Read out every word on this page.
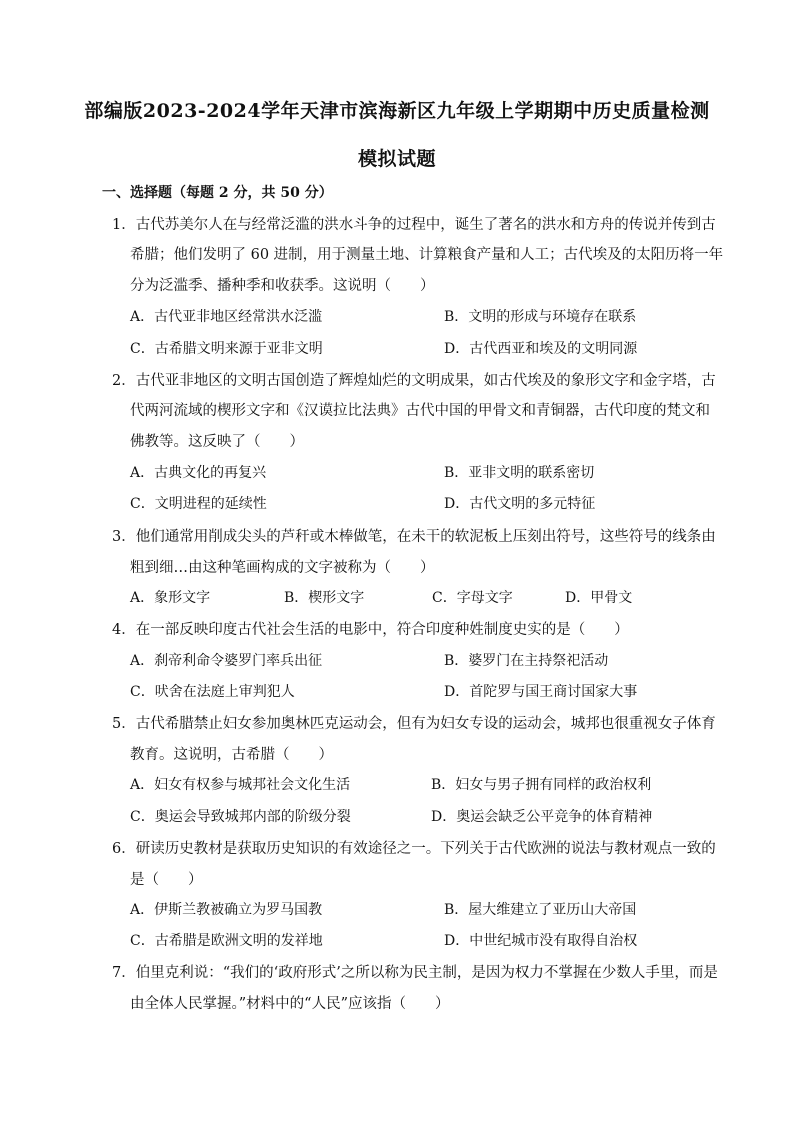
部编版2023-2024学年天津市滨海新区九年级上学期期中历史质量检测
模拟试题
一、选择题（每题 2 分，共 50 分）
1．古代苏美尔人在与经常泛滥的洪水斗争的过程中，诞生了著名的洪水和方舟的传说并传到古
希腊；他们发明了 60 进制，用于测量土地、计算粮食产量和人工；古代埃及的太阳历将一年
分为泛滥季、播种季和收获季。这说明（　　）
A．古代亚非地区经常洪水泛滥	B．文明的形成与环境存在联系
C．古希腊文明来源于亚非文明	D．古代西亚和埃及的文明同源
2．古代亚非地区的文明古国创造了辉煌灿烂的文明成果，如古代埃及的象形文字和金字塔，古
代两河流域的楔形文字和《汉谟拉比法典》古代中国的甲骨文和青铜器，古代印度的梵文和
佛教等。这反映了（　　）
A．古典文化的再复兴	B．亚非文明的联系密切
C．文明进程的延续性	D．古代文明的多元特征
3．他们通常用削成尖头的芦秆或木棒做笔，在未干的软泥板上压刻出符号，这些符号的线条由
粗到细…由这种笔画构成的文字被称为（　　）
A．象形文字	B．楔形文字	C．字母文字	D．甲骨文
4．在一部反映印度古代社会生活的电影中，符合印度种姓制度史实的是（　　）
A．刹帝利命令婆罗门率兵出征	B．婆罗门在主持祭祀活动
C．吠舍在法庭上审判犯人	D．首陀罗与国王商讨国家大事
5．古代希腊禁止妇女参加奥林匹克运动会，但有为妇女专设的运动会，城邦也很重视女子体育
教育。这说明，古希腊（　　）
A．妇女有权参与城邦社会文化生活	B．妇女与男子拥有同样的政治权利
C．奥运会导致城邦内部的阶级分裂	D．奥运会缺乏公平竞争的体育精神
6．研读历史教材是获取历史知识的有效途径之一。下列关于古代欧洲的说法与教材观点一致的
是（　　）
A．伊斯兰教被确立为罗马国教	B．屋大维建立了亚历山大帝国
C．古希腊是欧洲文明的发祥地	D．中世纪城市没有取得自治权
7．伯里克利说：“我们的‘政府形式’之所以称为民主制，是因为权力不掌握在少数人手里，而是
由全体人民掌握。”材料中的“人民”应该指（　　）
